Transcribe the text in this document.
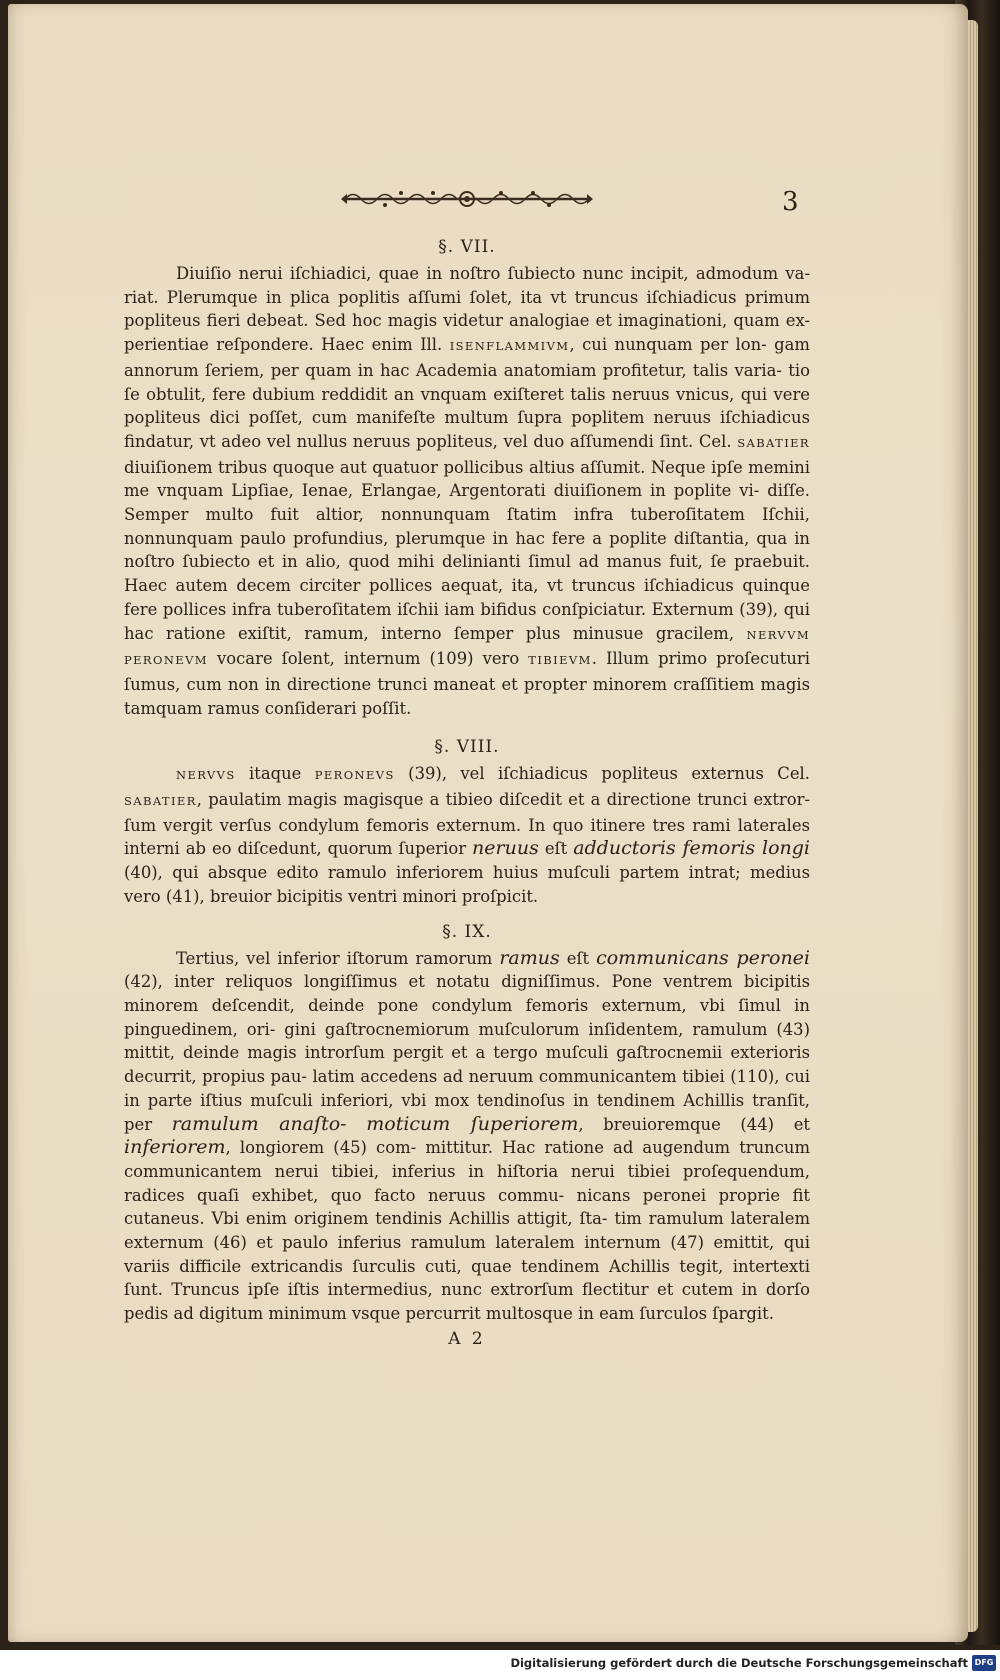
3
§. VII.

Diuiſio nerui iſchiadici, quae in noſtro ſubiecto nunc incipit, admodum va- riat. Plerumque in plica poplitis aſſumi ſolet, ita vt truncus iſchiadicus primum popliteus fieri debeat. Sed hoc magis videtur analogiae et imaginationi, quam ex- perientiae reſpondere. Haec enim Ill. ISENFLAMMIVM, cui nunquam per lon- gam annorum ſeriem, per quam in hac Academia anatomiam profitetur, talis varia- tio ſe obtulit, fere dubium reddidit an vnquam exiſteret talis neruus vnicus, qui vere popliteus dici poſſet, cum manifeſte multum ſupra poplitem neruus iſchiadicus findatur, vt adeo vel nullus neruus popliteus, vel duo aſſumendi ſint. Cel. SABATIER diuiſionem tribus quoque aut quatuor pollicibus altius aſſumit. Neque ipſe memini me vnquam Lipſiae, Ienae, Erlangae, Argentorati diuiſionem in poplite vi- diſſe. Semper multo fuit altior, nonnunquam ſtatim infra tuberoſitatem Iſchii, nonnunquam paulo profundius, plerumque in hac fere a poplite diſtantia, qua in noſtro ſubiecto et in alio, quod mihi delinianti ſimul ad manus fuit, ſe praebuit. Haec autem decem circiter pollices aequat, ita, vt truncus iſchiadicus quinque fere pollices infra tuberoſitatem iſchii iam bifidus conſpiciatur. Externum (39), qui hac ratione exiſtit, ramum, interno ſemper plus minusue gracilem, NERVVM PERONEVM vocare ſolent, internum (109) vero TIBIEVM. Illum primo proſecuturi ſumus, cum non in directione trunci maneat et propter minorem craſſitiem magis tamquam ramus conſiderari poſſit.

§. VIII.

NERVVS itaque PERONEVS (39), vel iſchiadicus popliteus externus Cel. SABATIER, paulatim magis magisque a tibieo diſcedit et a directione trunci extror- ſum vergit verſus condylum femoris externum. In quo itinere tres rami laterales interni ab eo diſcedunt, quorum ſuperior neruus eſt adductoris femoris longi (40), qui absque edito ramulo inferiorem huius muſculi partem intrat; medius vero (41), breuior bicipitis ventri minori proſpicit.

§. IX.

Tertius, vel inferior iſtorum ramorum ramus eſt communicans peronei (42), inter reliquos longiſſimus et notatu digniſſimus. Pone ventrem bicipitis minorem deſcendit, deinde pone condylum femoris externum, vbi ſimul in pinguedinem, ori- gini gaſtrocnemiorum muſculorum inſidentem, ramulum (43) mittit, deinde magis introrſum pergit et a tergo muſculi gaſtrocnemii exterioris decurrit, propius pau- latim accedens ad neruum communicantem tibiei (110), cui in parte iſtius muſculi inferiori, vbi mox tendinoſus in tendinem Achillis tranſit, per ramulum anaſto- moticum ſuperiorem, breuioremque (44) et inferiorem, longiorem (45) com- mittitur. Hac ratione ad augendum truncum communicantem nerui tibiei, inferius in hiſtoria nerui tibiei proſequendum, radices quaſi exhibet, quo facto neruus commu- nicans peronei proprie fit cutaneus. Vbi enim originem tendinis Achillis attigit, ſta- tim ramulum lateralem externum (46) et paulo inferius ramulum lateralem internum (47) emittit, qui variis difficile extricandis ſurculis cuti, quae tendinem Achillis tegit, intertexti ſunt. Truncus ipſe iſtis intermedius, nunc extrorſum flectitur et cutem in dorſo pedis ad digitum minimum vsque percurrit multosque in eam ſurculos ſpargit.

A 2
Digitalisierung gefördert durch die Deutsche Forschungsgemeinschaft DFG
